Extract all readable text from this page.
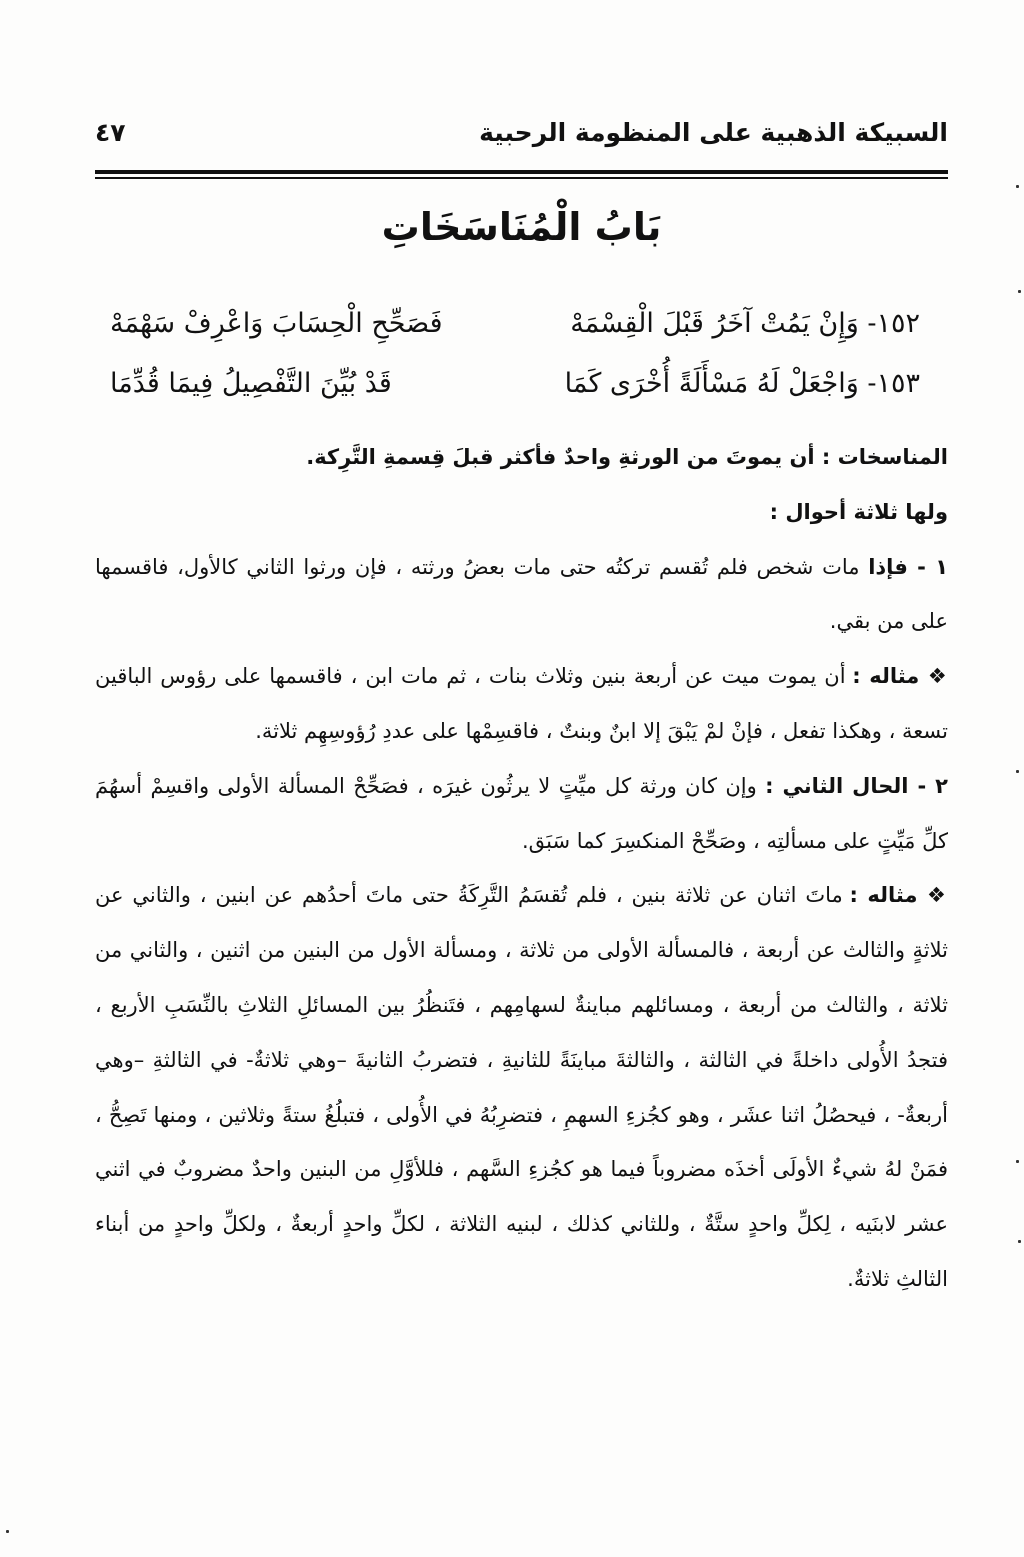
السبيكة الذهبية على المنظومة الرحبية
٤٧
بَابُ الْمُنَاسَخَاتِ
١٥٢- وَإِنْ يَمُتْ آخَرُ قَبْلَ الْقِسْمَهْ
فَصَحِّحِ الْحِسَابَ وَاعْرِفْ سَهْمَهْ
١٥٣- وَاجْعَلْ لَهُ مَسْأَلَةً أُخْرَى كَمَا
قَدْ بُيِّنَ التَّفْصِيلُ فِيمَا قُدِّمَا

المناسخات : أن يموتَ من الورثةِ واحدٌ فأكثر قبلَ قِسمةِ التَّرِكة.

ولها ثلاثة أحوال :

١ - فإذا مات شخص فلم تُقسم تركتُه حتى مات بعضُ ورثته ، فإن ورثوا الثاني كالأول، فاقسمها على من بقي.

❖ مثاله : أن يموت ميت عن أربعة بنين وثلاث بنات ، ثم مات ابن ، فاقسمها على رؤوس الباقين تسعة ، وهكذا تفعل ، فإنْ لمْ يَبْقَ إلا ابنٌ وبنتٌ ، فاقسِمْها على عددِ رُؤوسِهِم ثلاثة.

٢ - الحال الثاني : وإن كان ورثة كل ميِّتٍ لا يرثُون غيرَه ، فصَحِّحْ المسألة الأولى واقسِمْ أسهُمَ كلِّ مَيِّتٍ على مسألتِه ، وصَحِّحْ المنكسِرَ كما سَبَق.

❖ مثاله : ماتَ اثنان عن ثلاثة بنين ، فلم تُقسَمُ التَّرِكَةُ حتى ماتَ أحدُهم عن ابنين ، والثاني عن ثلاثةٍ والثالث عن أربعة ، فالمسألة الأولى من ثلاثة ، ومسألة الأول من البنين من اثنين ، والثاني من ثلاثة ، والثالث من أربعة ، ومسائلهم مباينةٌ لسهامِهم ، فتَنظُرُ بين المسائلِ الثلاثِ بالنِّسَبِ الأربع ، فتجدُ الأُولى داخلةً في الثالثة ، والثالثةَ مباينَةً للثانيةِ ، فتضربُ الثانيةَ –وهي ثلاثةٌ- في الثالثةِ –وهي أربعةٌ- ، فيحصُلُ اثنا عشَر ، وهو كجُزءِ السهمِ ، فتضرِبُهُ في الأُولى ، فتبلُغُ ستةً وثلاثين ، ومنها تَصِحُّ ، فمَنْ لهُ شيءٌ الأولَى أخذَه مضروباً فيما هو كجُزءِ السَّهم ، فللأوَّلِ من البنين واحدٌ مضروبٌ في اثني عشر لابنَيه ، لِكلِّ واحدٍ ستَّةٌ ، وللثاني كذلك ، لبنيه الثلاثة ، لكلِّ واحدٍ أربعةٌ ، ولكلِّ واحدٍ من أبناء الثالثِ ثلاثةٌ.
